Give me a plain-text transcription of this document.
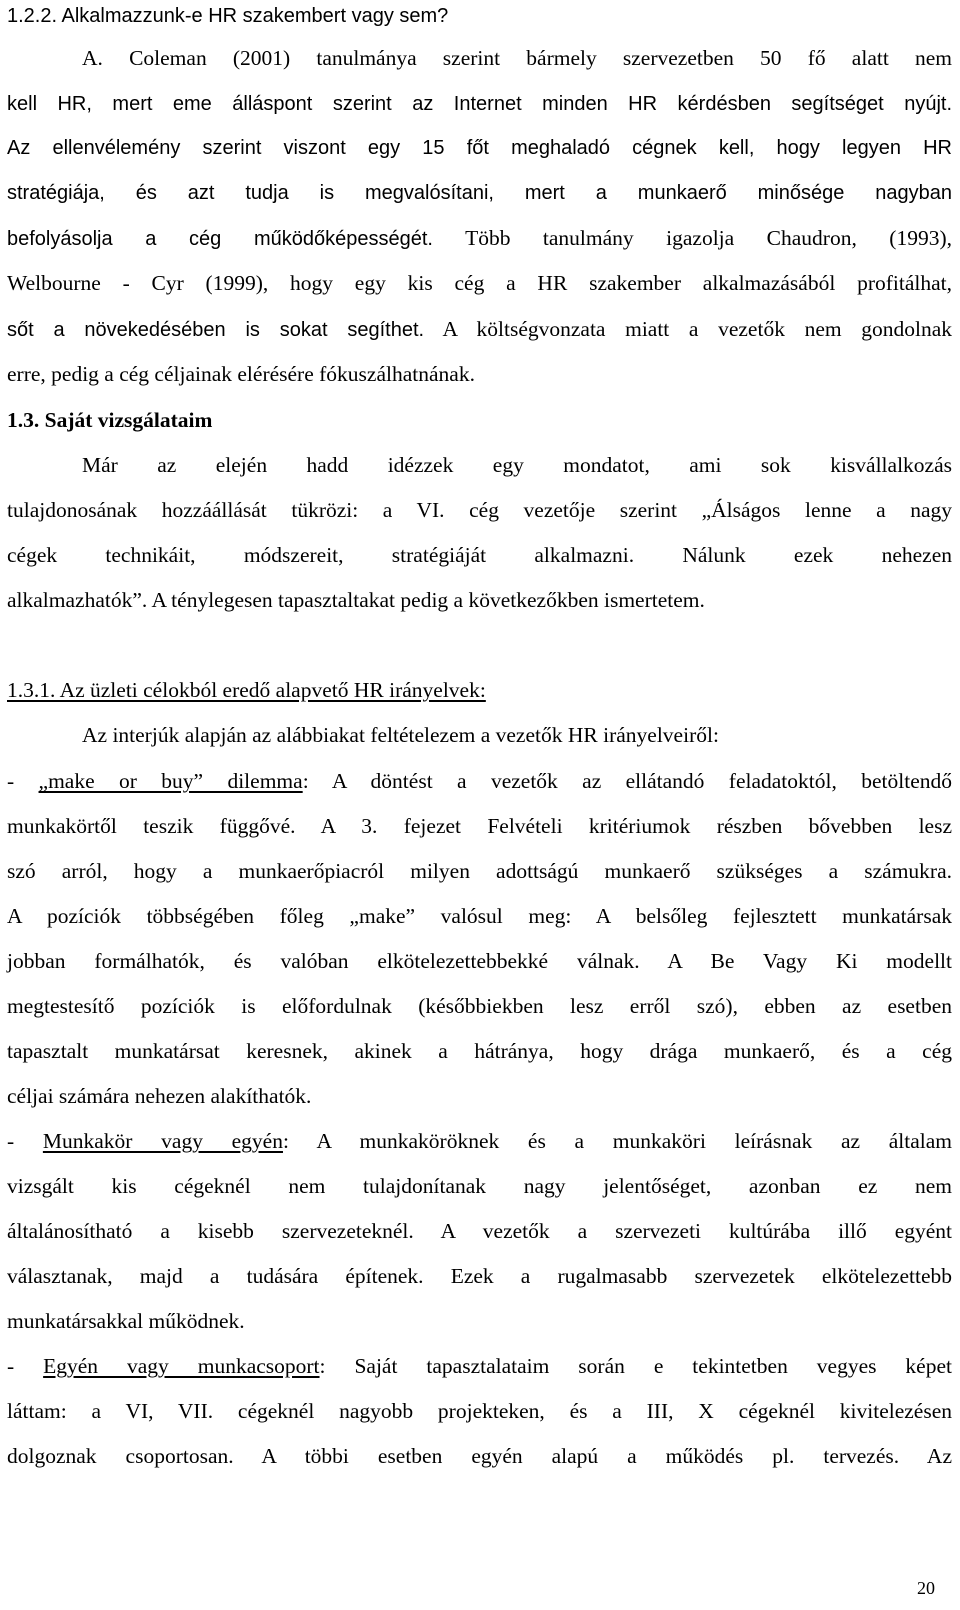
1.2.2. Alkalmazzunk-e HR szakembert vagy sem?
A. Coleman (2001) tanulmánya szerint bármely szervezetben 50 fő alatt nem
kell HR, mert eme álláspont szerint az Internet minden HR kérdésben segítséget nyújt.
Az ellenvélemény szerint viszont egy 15 főt meghaladó cégnek kell, hogy legyen HR
stratégiája, és azt tudja is megvalósítani, mert a munkaerő minősége nagyban
befolyásolja a cég működőképességét. Több tanulmány igazolja Chaudron, (1993),
Welbourne - Cyr (1999), hogy egy kis cég a HR szakember alkalmazásából profitálhat,
sőt a növekedésében is sokat segíthet. A költségvonzata miatt a vezetők nem gondolnak
erre, pedig a cég céljainak elérésére fókuszálhatnának.
1.3. Saját vizsgálataim
Már az elején hadd idézzek egy mondatot, ami sok kisvállalkozás
tulajdonosának hozzáállását tükrözi: a VI. cég vezetője szerint „Álságos lenne a nagy
cégek technikáit, módszereit, stratégiáját alkalmazni. Nálunk ezek nehezen
alkalmazhatók”. A ténylegesen tapasztaltakat pedig a következőkben ismertetem.
1.3.1. Az üzleti célokból eredő alapvető HR irányelvek:
Az interjúk alapján az alábbiakat feltételezem a vezetők HR irányelveiről:
- „make or buy” dilemma: A döntést a vezetők az ellátandó feladatoktól, betöltendő
munkakörtől teszik függővé. A 3. fejezet Felvételi kritériumok részben bővebben lesz
szó arról, hogy a munkaerőpiacról milyen adottságú munkaerő szükséges a számukra.
A pozíciók többségében főleg „make” valósul meg: A belsőleg fejlesztett munkatársak
jobban formálhatók, és valóban elkötelezettebbekké válnak. A Be Vagy Ki modellt
megtestesítő pozíciók is előfordulnak (későbbiekben lesz erről szó), ebben az esetben
tapasztalt munkatársat keresnek, akinek a hátránya, hogy drága munkaerő, és a cég
céljai számára nehezen alakíthatók.
- Munkakör vagy egyén: A munkaköröknek és a munkaköri leírásnak az általam
vizsgált kis cégeknél nem tulajdonítanak nagy jelentőséget, azonban ez nem
általánosítható a kisebb szervezeteknél. A vezetők a szervezeti kultúrába illő egyént
választanak, majd a tudására építenek. Ezek a rugalmasabb szervezetek elkötelezettebb
munkatársakkal működnek.
- Egyén vagy munkacsoport: Saját tapasztalataim során e tekintetben vegyes képet
láttam: a VI, VII. cégeknél nagyobb projekteken, és a III, X cégeknél kivitelezésen
dolgoznak csoportosan. A többi esetben egyén alapú a működés pl. tervezés. Az
20
